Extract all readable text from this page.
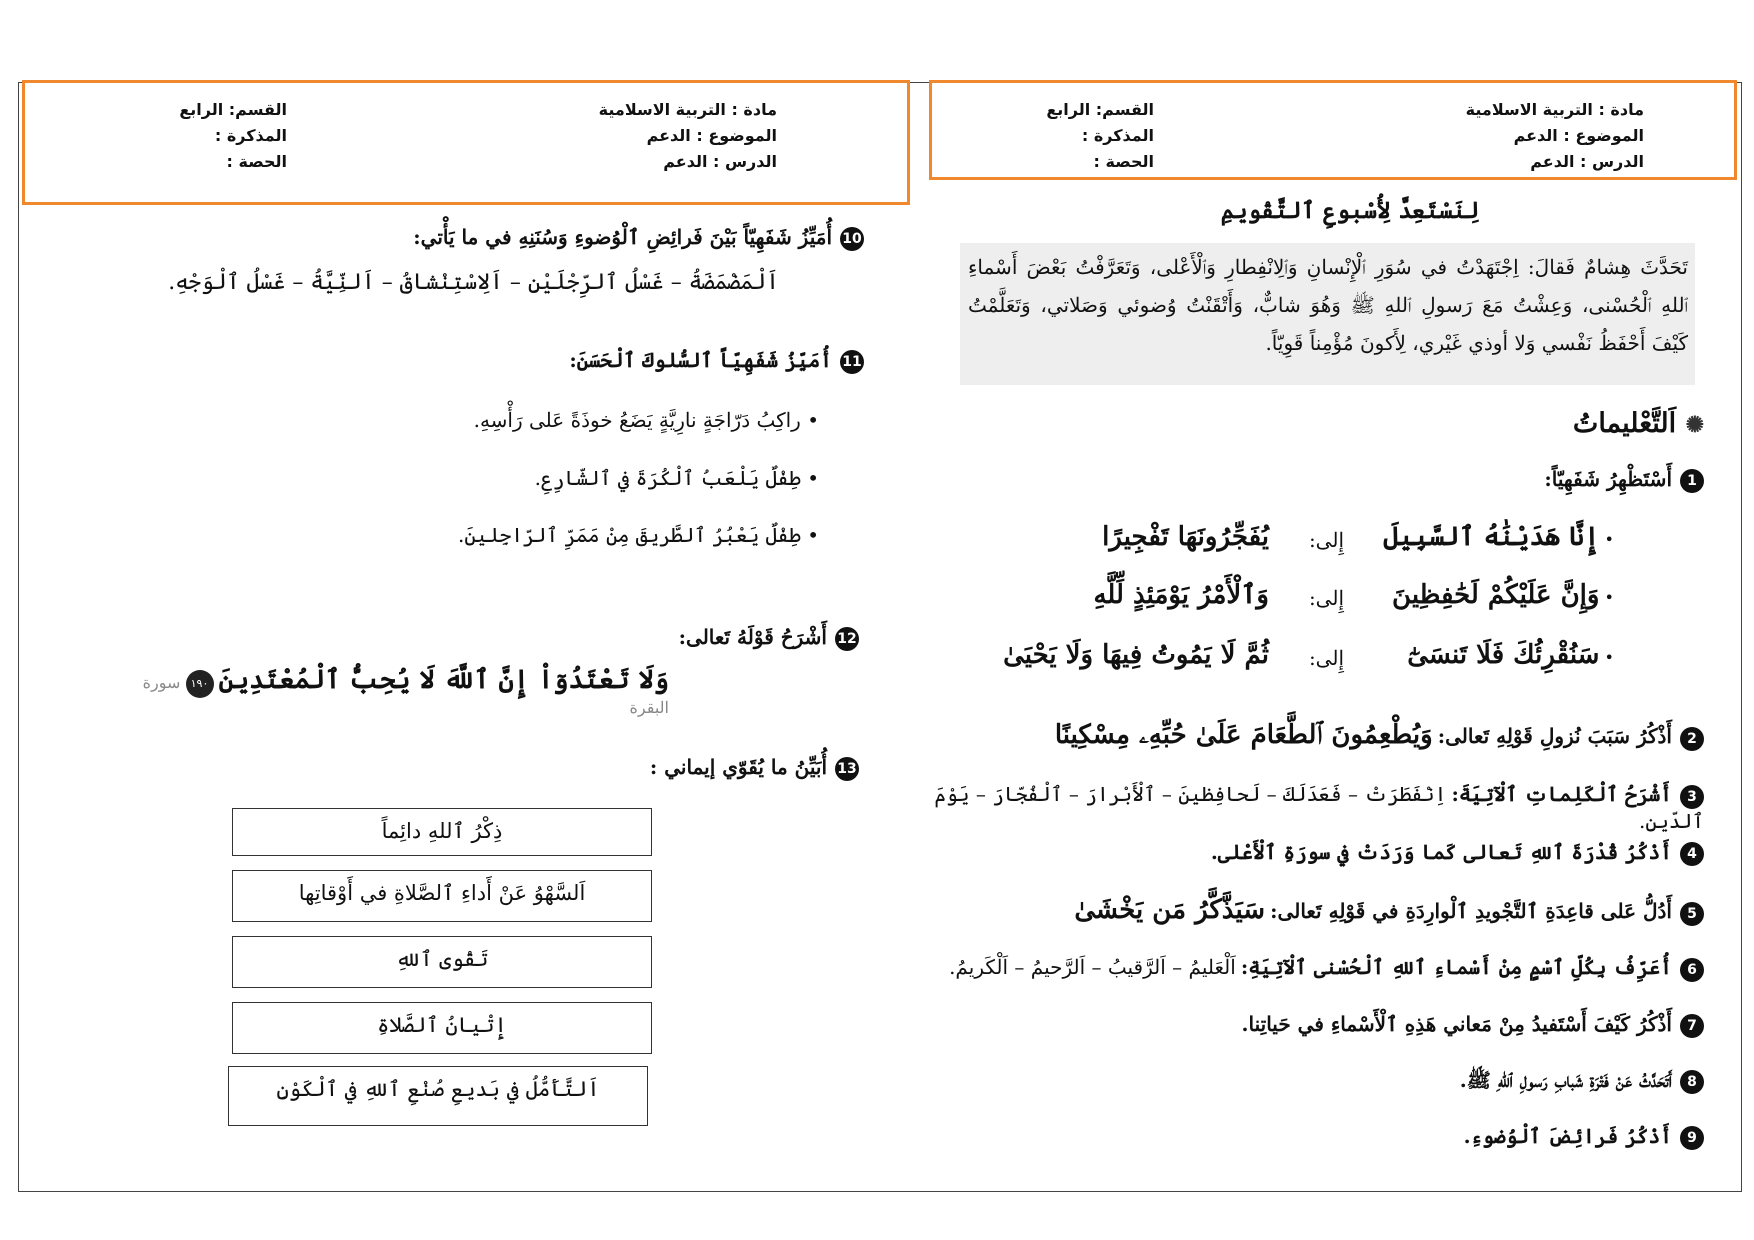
مادة : التربية الاسلامية
الموضوع : الدعم
الدرس : الدعم
القسم: الرابع
المذكرة :
الحصة :
مادة : التربية الاسلامية
الموضوع : الدعم
الدرس : الدعم
القسم: الرابع
المذكرة :
الحصة :
10أُمَيِّزُ شَفَهِيّاً بَيْنَ فَرائِضِ ٱلْوُضوءِ وَسُنَنِهِ في ما يَأْتي:
اَلْمَضْمَضَةُ – غَسْلُ ٱلرِّجْلَيْنِ – اَلِاسْتِنْشاقُ – اَلنِّيَّةُ – غَسْلُ ٱلْوَجْهِ.
11أُمَيِّزُ شَفَهِيّاً ٱلسُّلوكَ ٱلْحَسَنَ:
• راكِبُ دَرّاجَةٍ نارِيَّةٍ يَضَعُ خوذَةً عَلى رَأْسِهِ.
• طِفْلٌ يَلْعَبُ ٱلْكُرَةَ في ٱلشّارِعِ.
• طِفْلٌ يَعْبُرُ ٱلطَّريقَ مِنْ مَمَرِّ ٱلرّاجِلينَ.
12أَشْرَحُ قَوْلَهُ تَعالى:
وَلَا تَعْتَدُوٓاْ إِنَّ ٱللَّهَ لَا يُحِبُّ ٱلْمُعْتَدِينَ ١٩٠ سورة البقرة
13أُبَيِّنُ ما يُقَوّي إيماني :
ذِكْرُ ٱللهِ دائِماً
اَلسَّهْوُ عَنْ أَداءِ ٱلصَّلاةِ في أَوْقاتِها
تَقْوى ٱللهِ
إِتْيانُ ٱلصَّلاةِ
اَلتَّأَمُّلُ في بَديعِ صُنْعِ ٱللهِ في ٱلْكَوْنِ
لِنَسْتَعِدَّ لِأُسْبوعِ ٱلتَّقْويمِ
تَحَدَّثَ هِشامٌ فَقالَ: اِجْتَهَدْتُ في سُوَرِ ٱلْإِنْسانِ وَٱلِانْفِطارِ وَٱلْأَعْلى، وَتَعَرَّفْتُ بَعْضَ أَسْماءِ ٱللهِ ٱلْحُسْنى، وَعِشْتُ مَعَ رَسولِ ٱللهِ ﷺ وَهُوَ شابٌّ، وَأَتْقَنْتُ وُضوئي وَصَلاتي، وَتَعَلَّمْتُ كَيْفَ أَحْفَظُ نَفْسي وَلا أوذي غَيْري، لِأَكونَ مُؤْمِناً قَوِيّاً.
✺ اَلتَّعْليماتُ
1أَسْتَظْهِرُ شَفَهِيّاً:
• إِنَّا هَدَيْنَٰهُ ٱلسَّبِيلَ
إِلى:
يُفَجِّرُونَهَا تَفْجِيرًا
• وَإِنَّ عَلَيْكُمْ لَحَٰفِظِينَ
إِلى:
وَٱلْأَمْرُ يَوْمَئِذٍ لِّلَّهِ
• سَنُقْرِئُكَ فَلَا تَنسَىٰٓ
إِلى:
ثُمَّ لَا يَمُوتُ فِيهَا وَلَا يَحْيَىٰ
2أَذْكُرُ سَبَبَ نُزولِ قَوْلِهِ تَعالى: وَيُطْعِمُونَ ٱلطَّعَامَ عَلَىٰ حُبِّهِۦ مِسْكِينًا
3أَشْرَحُ ٱلْكَلِماتِ ٱلْآتِيَةَ: اِنْفَطَرَتْ – فَعَدَلَكَ – لَحافِظينَ – ٱلْأَبْرارَ – ٱلْفُجّارَ – يَوْمَ ٱلدّينِ.
4أَذْكُرُ قُدْرَةَ ٱللهِ تَعالى كَما وَرَدَتْ في سورَةِ ٱلْأَعْلى.
5أَدُلُّ عَلى قاعِدَةِ ٱلتَّجْويدِ ٱلْوارِدَةِ في قَوْلِهِ تَعالى: سَيَذَّكَّرُ مَن يَخْشَىٰ
6أُعَرِّفُ بِكُلِّ ٱسْمٍ مِنْ أَسْماءِ ٱللهِ ٱلْحُسْنى ٱلْآتِيَةِ: اَلْعَليمُ – اَلرَّقيبُ – اَلرَّحيمُ – اَلْكَريمُ.
7أَذْكُرُ كَيْفَ أَسْتَفيدُ مِنْ مَعاني هَذِهِ ٱلْأَسْماءِ في حَياتِنا.
8أَتَحَدَّثُ عَنْ فَتْرَةِ شَبابِ رَسولِ ٱللهِ ﷺ.
9أَذْكُرُ فَرائِضَ ٱلْوُضوءِ.
